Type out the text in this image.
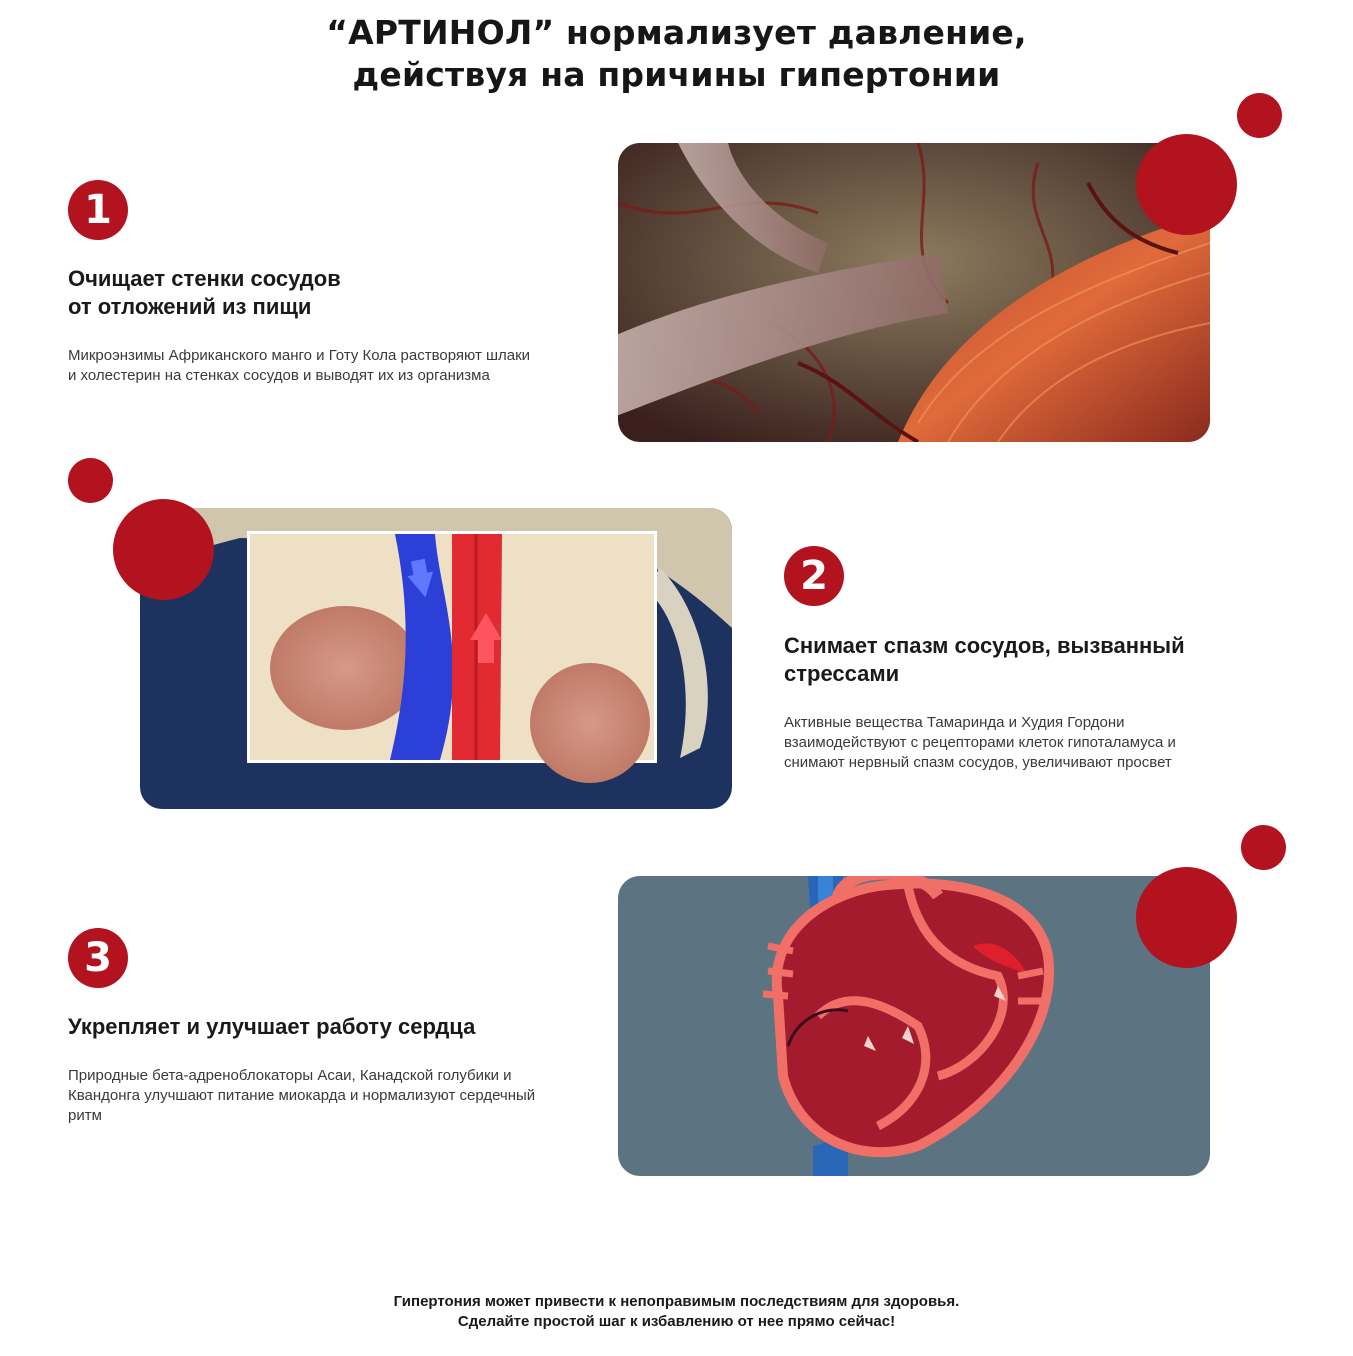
“АРТИНОЛ” нормализует давление,
действуя на причины гипертонии
1
Очищает стенки сосудов
от отложений из пищи

Микроэнзимы Африканского манго и Готу Кола растворяют шлаки и холестерин на стенках сосудов и выводят их из организма

2
Снимает спазм сосудов, вызванный
стрессами

Активные вещества Тамаринда и Худия Гордони взаимодействуют с рецепторами клеток гипоталамуса и снимают нервный спазм сосудов, увеличивают просвет

3
Укрепляет и улучшает работу сердца

Природные бета-адреноблокаторы Асаи, Канадской голубики и Квандонга улучшают питание миокарда и нормализуют сердечный ритм

Гипертония может привести к непоправимым последствиям для здоровья.
Сделайте простой шаг к избавлению от нее прямо сейчас!
